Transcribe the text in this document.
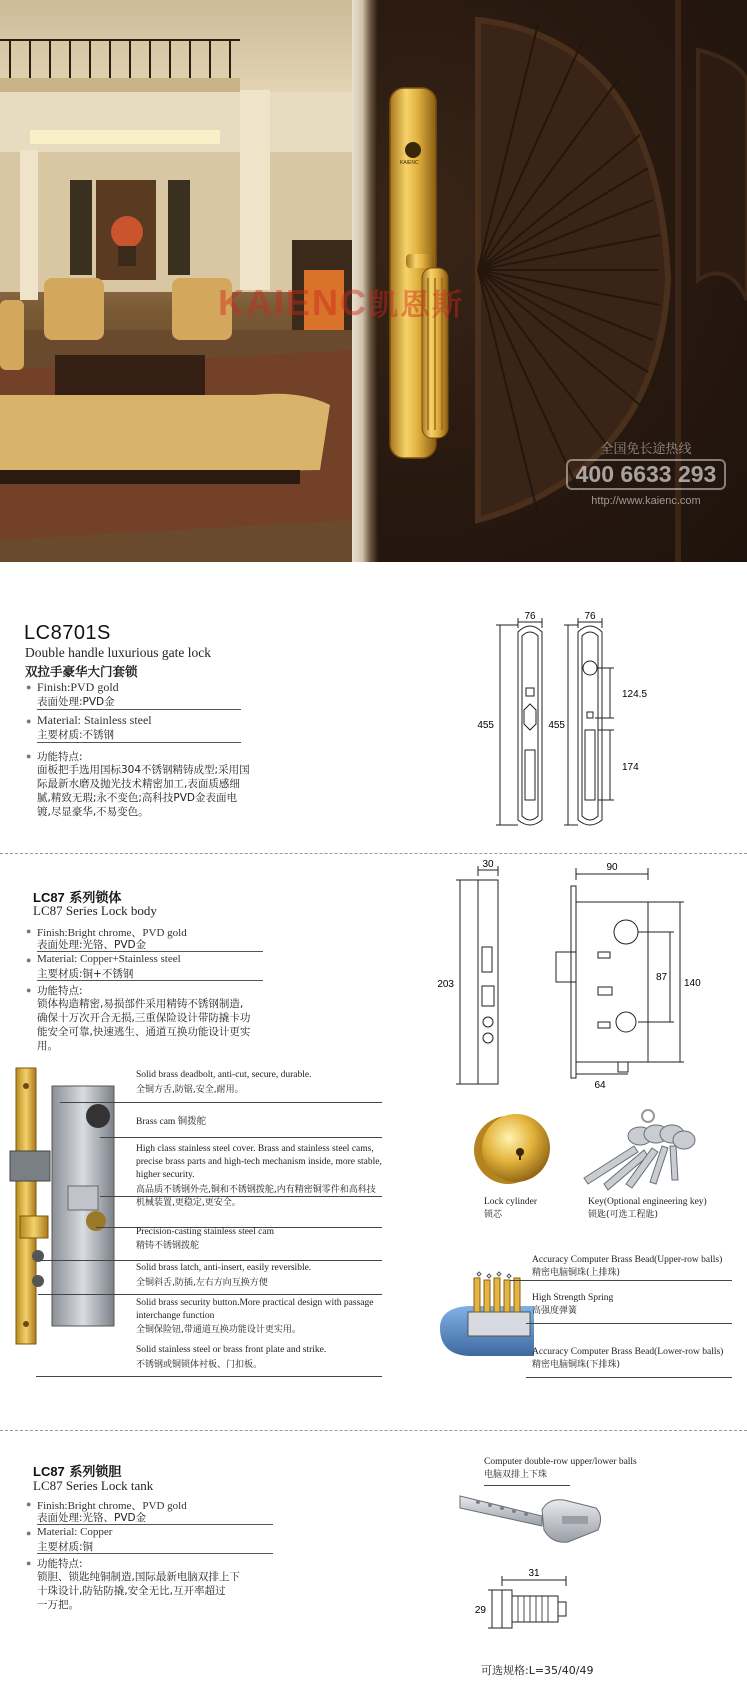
KAIENC
KAIENC凯恩斯
全国免长途热线
400 6633 293
http://www.kaienc.com
LC8701S
Double handle luxurious gate lock
双拉手豪华大门套锁
● Finish:PVD gold
表面处理:PVD金
● Material: Stainless steel
主要材质:不锈钢
● 功能特点:
面板把手选用国标304不锈钢精铸成型;采用国
际最新水磨及抛光技术精密加工,表面质感细
腻,精致无瑕;永不变色;高科技PVD金表面电
镀,尽显豪华,不易变色。
76	76
455	455
124.5
174
LC87 系列锁体
LC87 Series Lock body
● Finish:Bright chrome、PVD gold
表面处理:光铬、PVD金
● Material: Copper+Stainless steel
主要材质:铜+不锈钢
● 功能特点:
锁体构造精密,易损部件采用精铸不锈钢制造,
确保十万次开合无损,三重保险设计带防撬卡功
能安全可靠,快速逃生、通道互换功能设计更实
用。
30
203
90
87
140
64
Solid brass deadbolt, anti-cut, secure, durable.
全铜方舌,防锯,安全,耐用。
Brass cam 铜拨舵
High class stainless steel cover. Brass and stainless steel cams, precise brass parts and high-tech mechanism inside, more stable, higher security.
高品质不锈钢外壳,铜和不锈钢拨舵,内有精密铜零件和高科技机械装置,更稳定,更安全。
Precision-casting stainless steel cam
精铸不锈钢拨舵
Solid brass latch, anti-insert, easily reversible.
全铜斜舌,防插,左右方向互换方便
Solid brass security button.More practical design with passage interchange function
全铜保险钮,带通道互换功能设计更实用。
Solid stainless steel or brass front plate and strike.
不锈钢或铜锁体衬板、门扣板。
Lock cylinder
锁芯
Key(Optional engineering key)
锁匙(可选工程匙)
Accuracy Computer Brass Bead(Upper-row balls)
精密电脑铜珠(上排珠)
High Strength Spring
高强度弹簧
Accuracy Computer Brass Bead(Lower-row balls)
精密电脑铜珠(下排珠)
LC87 系列锁胆
LC87 Series Lock tank
● Finish:Bright chrome、PVD gold
表面处理:光铬、PVD金
● Material: Copper
主要材质:铜
● 功能特点:
锁胆、锁匙纯铜制造,国际最新电脑双排上下
十珠设计,防钻防撬,安全无比,互开率超过
一万把。
Computer double-row upper/lower balls
电脑双排上下珠
31
29
可选规格:L=35/40/49
